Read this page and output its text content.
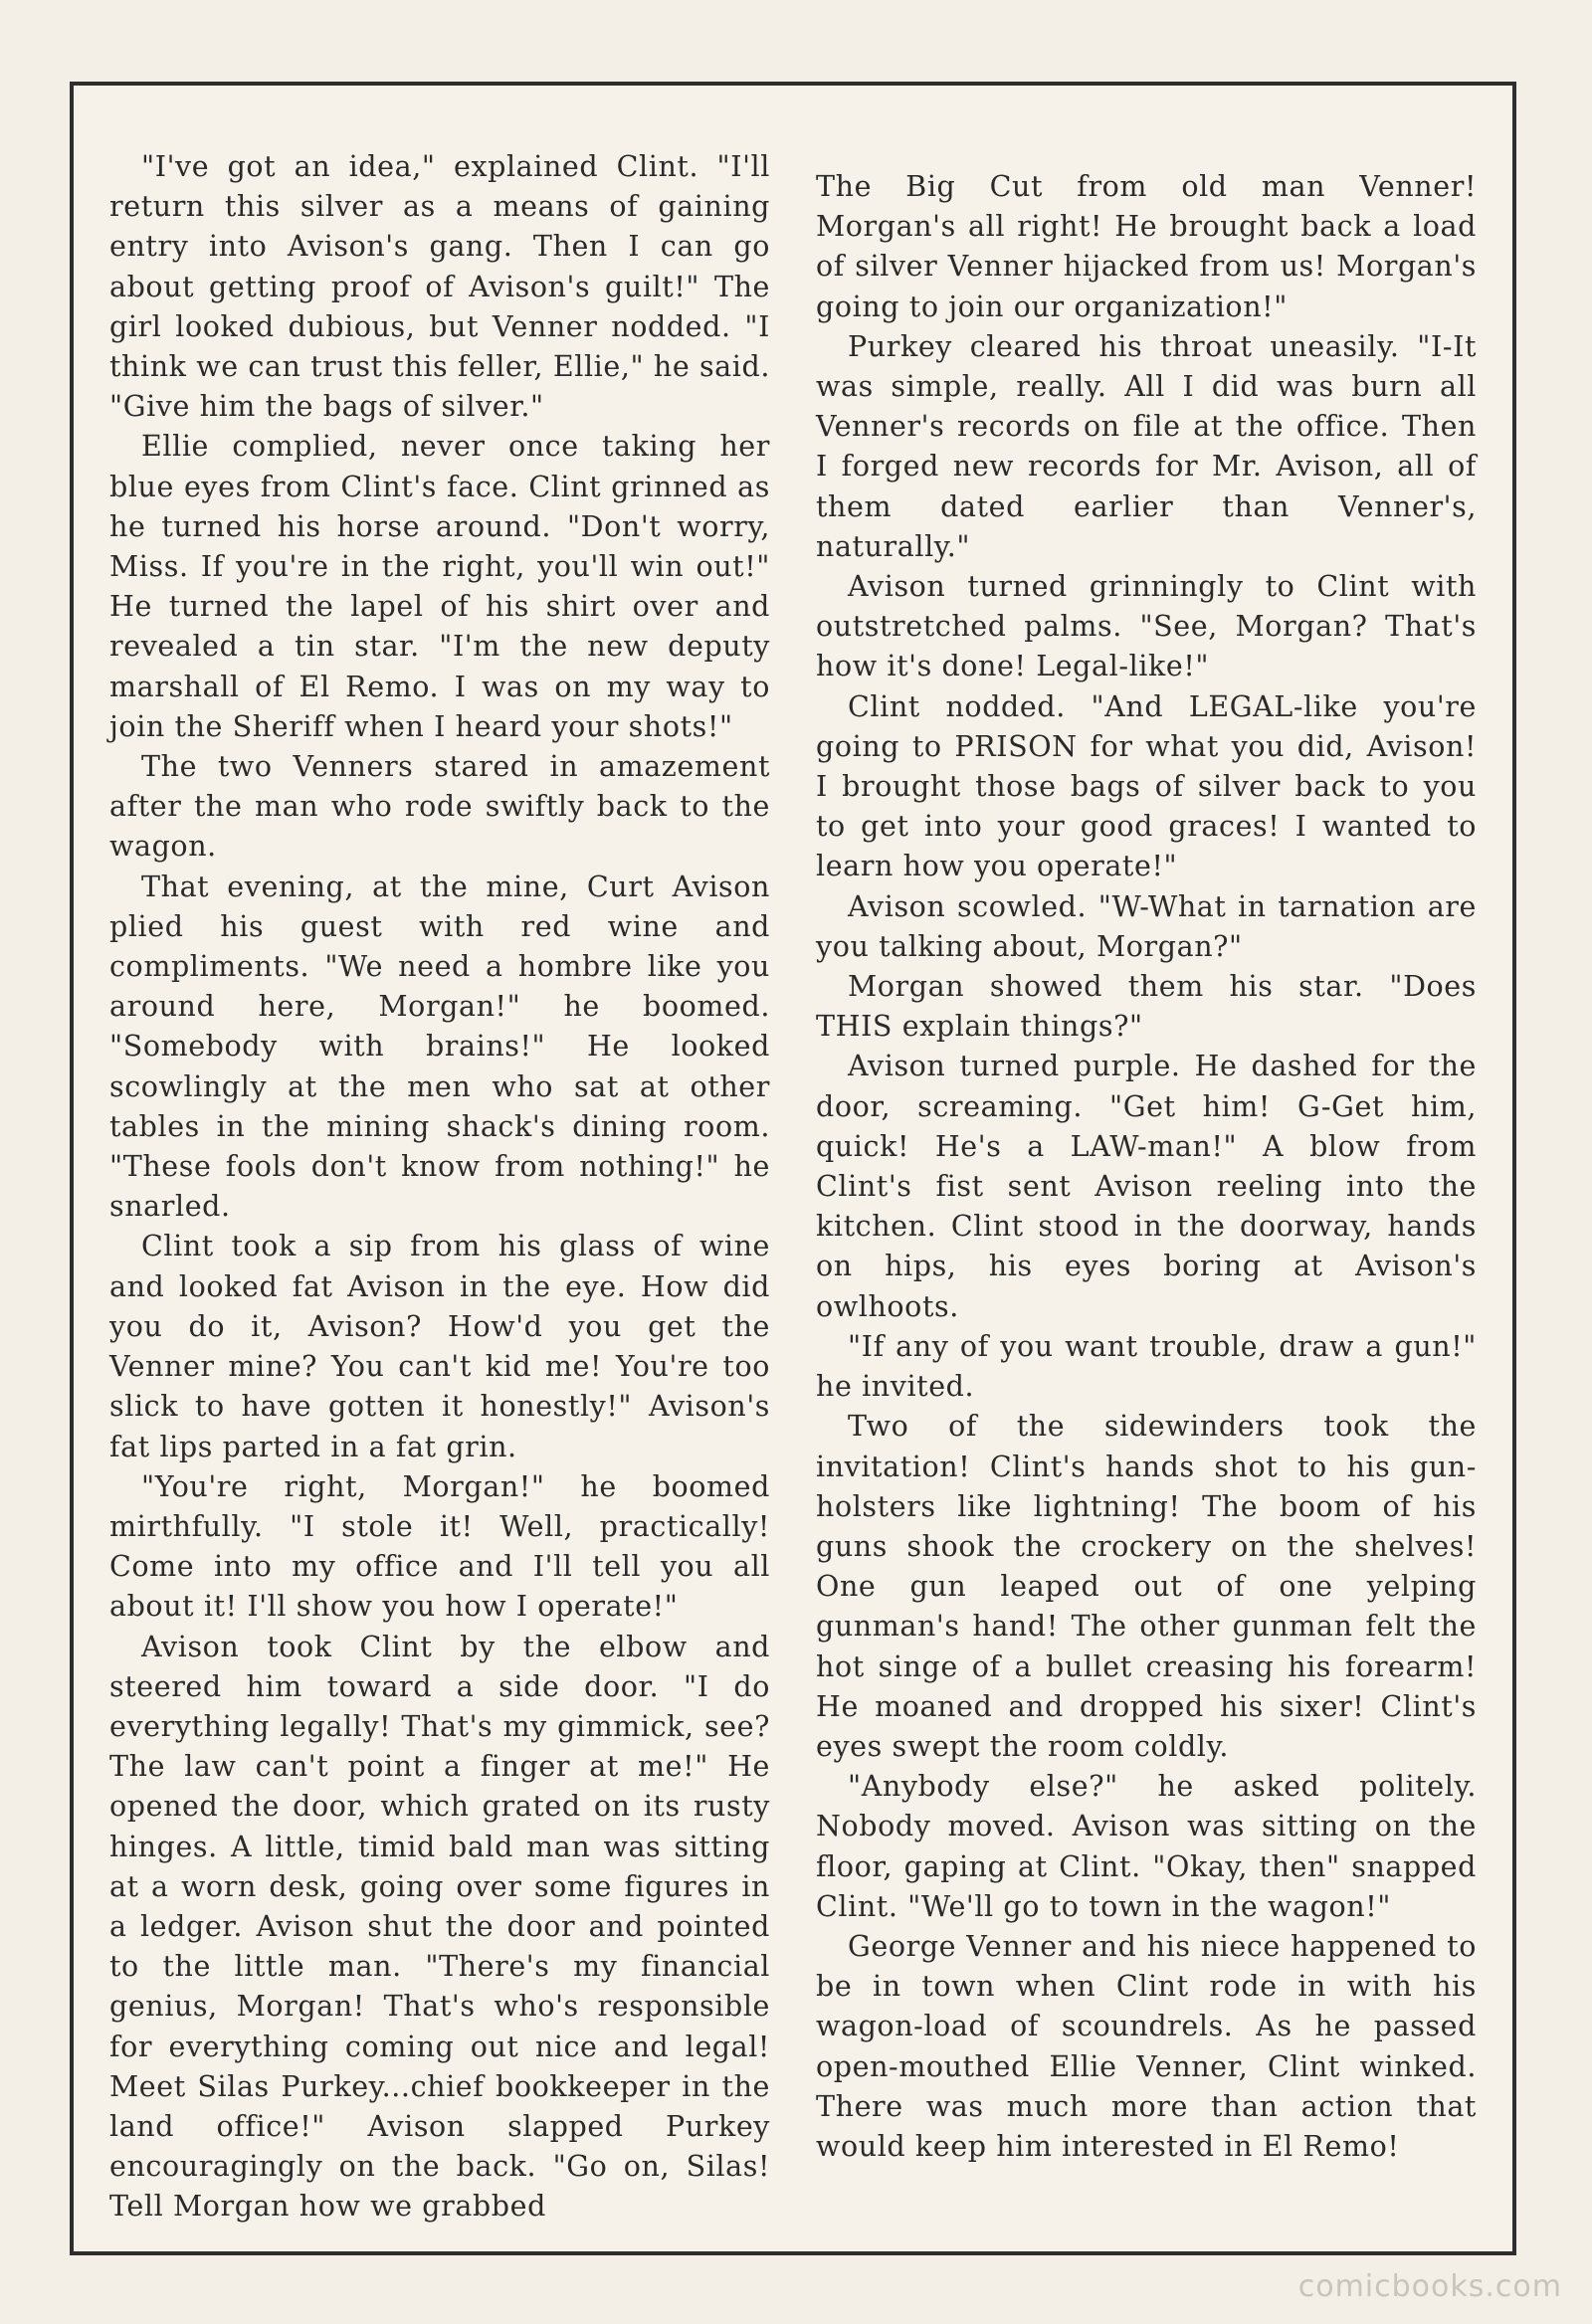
"I've got an idea," explained Clint. "I'll return this silver as a means of gaining entry into Avison's gang. Then I can go about getting proof of Avison's guilt!" The girl looked dubious, but Venner nodded. "I think we can trust this feller, Ellie," he said. "Give him the bags of silver."

Ellie complied, never once taking her blue eyes from Clint's face. Clint grinned as he turned his horse around. "Don't worry, Miss. If you're in the right, you'll win out!" He turned the lapel of his shirt over and revealed a tin star. "I'm the new deputy marshall of El Remo. I was on my way to join the Sheriff when I heard your shots!"

The two Venners stared in amazement after the man who rode swiftly back to the wagon.

That evening, at the mine, Curt Avison plied his guest with red wine and compliments. "We need a hombre like you around here, Morgan!" he boomed. "Somebody with brains!" He looked scowlingly at the men who sat at other tables in the mining shack's dining room. "These fools don't know from nothing!" he snarled.

Clint took a sip from his glass of wine and looked fat Avison in the eye. How did you do it, Avison? How'd you get the Venner mine? You can't kid me! You're too slick to have gotten it honestly!" Avison's fat lips parted in a fat grin.

"You're right, Morgan!" he boomed mirthfully. "I stole it! Well, practically! Come into my office and I'll tell you all about it! I'll show you how I operate!"

Avison took Clint by the elbow and steered him toward a side door. "I do everything legally! That's my gimmick, see? The law can't point a finger at me!" He opened the door, which grated on its rusty hinges. A little, timid bald man was sitting at a worn desk, going over some figures in a ledger. Avison shut the door and pointed to the little man. "There's my financial genius, Morgan! That's who's responsible for everything coming out nice and legal! Meet Silas Purkey...chief bookkeeper in the land office!" Avison slapped Purkey encouragingly on the back. "Go on, Silas! Tell Morgan how we grabbed

The Big Cut from old man Venner! Morgan's all right! He brought back a load of silver Venner hijacked from us! Morgan's going to join our organization!"

Purkey cleared his throat uneasily. "I-It was simple, really. All I did was burn all Venner's records on file at the office. Then I forged new records for Mr. Avison, all of them dated earlier than Venner's, naturally."

Avison turned grinningly to Clint with outstretched palms. "See, Morgan? That's how it's done! Legal-like!"

Clint nodded. "And LEGAL-like you're going to PRISON for what you did, Avison! I brought those bags of silver back to you to get into your good graces! I wanted to learn how you operate!"

Avison scowled. "W-What in tarnation are you talking about, Morgan?"

Morgan showed them his star. "Does THIS explain things?"

Avison turned purple. He dashed for the door, screaming. "Get him! G-Get him, quick! He's a LAW-man!" A blow from Clint's fist sent Avison reeling into the kitchen. Clint stood in the doorway, hands on hips, his eyes boring at Avison's owlhoots.

"If any of you want trouble, draw a gun!" he invited.

Two of the sidewinders took the invitation! Clint's hands shot to his gun-holsters like lightning! The boom of his guns shook the crockery on the shelves! One gun leaped out of one yelping gunman's hand! The other gunman felt the hot singe of a bullet creasing his forearm! He moaned and dropped his sixer! Clint's eyes swept the room coldly.

"Anybody else?" he asked politely. Nobody moved. Avison was sitting on the floor, gaping at Clint. "Okay, then" snapped Clint. "We'll go to town in the wagon!"

George Venner and his niece happened to be in town when Clint rode in with his wagon-load of scoundrels. As he passed open-mouthed Ellie Venner, Clint winked. There was much more than action that would keep him interested in El Remo!

comicbooks.com
